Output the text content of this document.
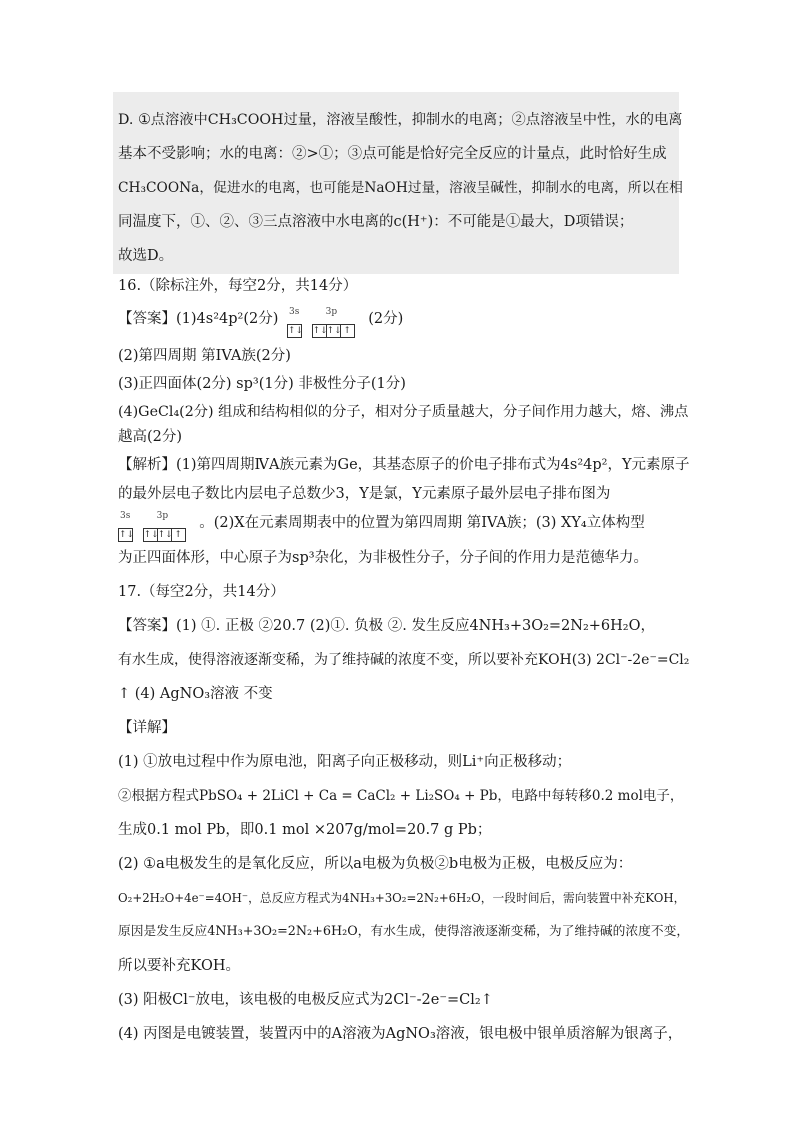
D. ①点溶液中CH₃COOH过量，溶液呈酸性，抑制水的电离；②点溶液呈中性，水的电离
基本不受影响；水的电离：②>①；③点可能是恰好完全反应的计量点，此时恰好生成
CH₃COONa，促进水的电离，也可能是NaOH过量，溶液呈碱性，抑制水的电离，所以在相
同温度下，①、②、③三点溶液中水电离的c(H⁺)：不可能是①最大，D项错误；
故选D。
16.（除标注外，每空2分，共14分）
【答案】(1)4s²4p²(2分) 3s
↑↓
3p
↑↓↑↓ ↑ (2分)
(2)第四周期 第IVA族(2分)
(3)正四面体(2分) sp³(1分) 非极性分子(1分)
(4)GeCl₄(2分) 组成和结构相似的分子，相对分子质量越大，分子间作用力越大，熔、沸点
越高(2分)
【解析】(1)第四周期ⅣA族元素为Ge，其基态原子的价电子排布式为4s²4p²，Y元素原子
的最外层电子数比内层电子总数少3，Y是氯，Y元素原子最外层电子排布图为
3s
↑↓
3p
↑↓↑↓ ↑ 。(2)X在元素周期表中的位置为第四周期 第IVA族；(3) XY₄立体构型
为正四面体形，中心原子为sp³杂化，为非极性分子，分子间的作用力是范德华力。
17.（每空2分，共14分）
【答案】(1) ①. 正极 ②20.7 (2)①. 负极 ②. 发生反应4NH₃+3O₂=2N₂+6H₂O，
有水生成，使得溶液逐渐变稀，为了维持碱的浓度不变，所以要补充KOH(3) 2Cl⁻-2e⁻=Cl₂
↑ (4) AgNO₃溶液 不变
【详解】
(1) ①放电过程中作为原电池，阳离子向正极移动，则Li⁺向正极移动；
②根据方程式PbSO₄ + 2LiCl + Ca = CaCl₂ + Li₂SO₄ + Pb，电路中每转移0.2 mol电子，
生成0.1 mol Pb，即0.1 mol ×207g/mol=20.7 g Pb；
(2) ①a电极发生的是氧化反应，所以a电极为负极②b电极为正极，电极反应为：
O₂+2H₂O+4e⁻=4OH⁻，总反应方程式为4NH₃+3O₂=2N₂+6H₂O，一段时间后，需向装置中补充KOH，
原因是发生反应4NH₃+3O₂=2N₂+6H₂O，有水生成，使得溶液逐渐变稀，为了维持碱的浓度不变，
所以要补充KOH。
(3) 阳极Cl⁻放电，该电极的电极反应式为2Cl⁻-2e⁻=Cl₂↑
(4) 丙图是电镀装置，装置丙中的A溶液为AgNO₃溶液，银电极中银单质溶解为银离子，
